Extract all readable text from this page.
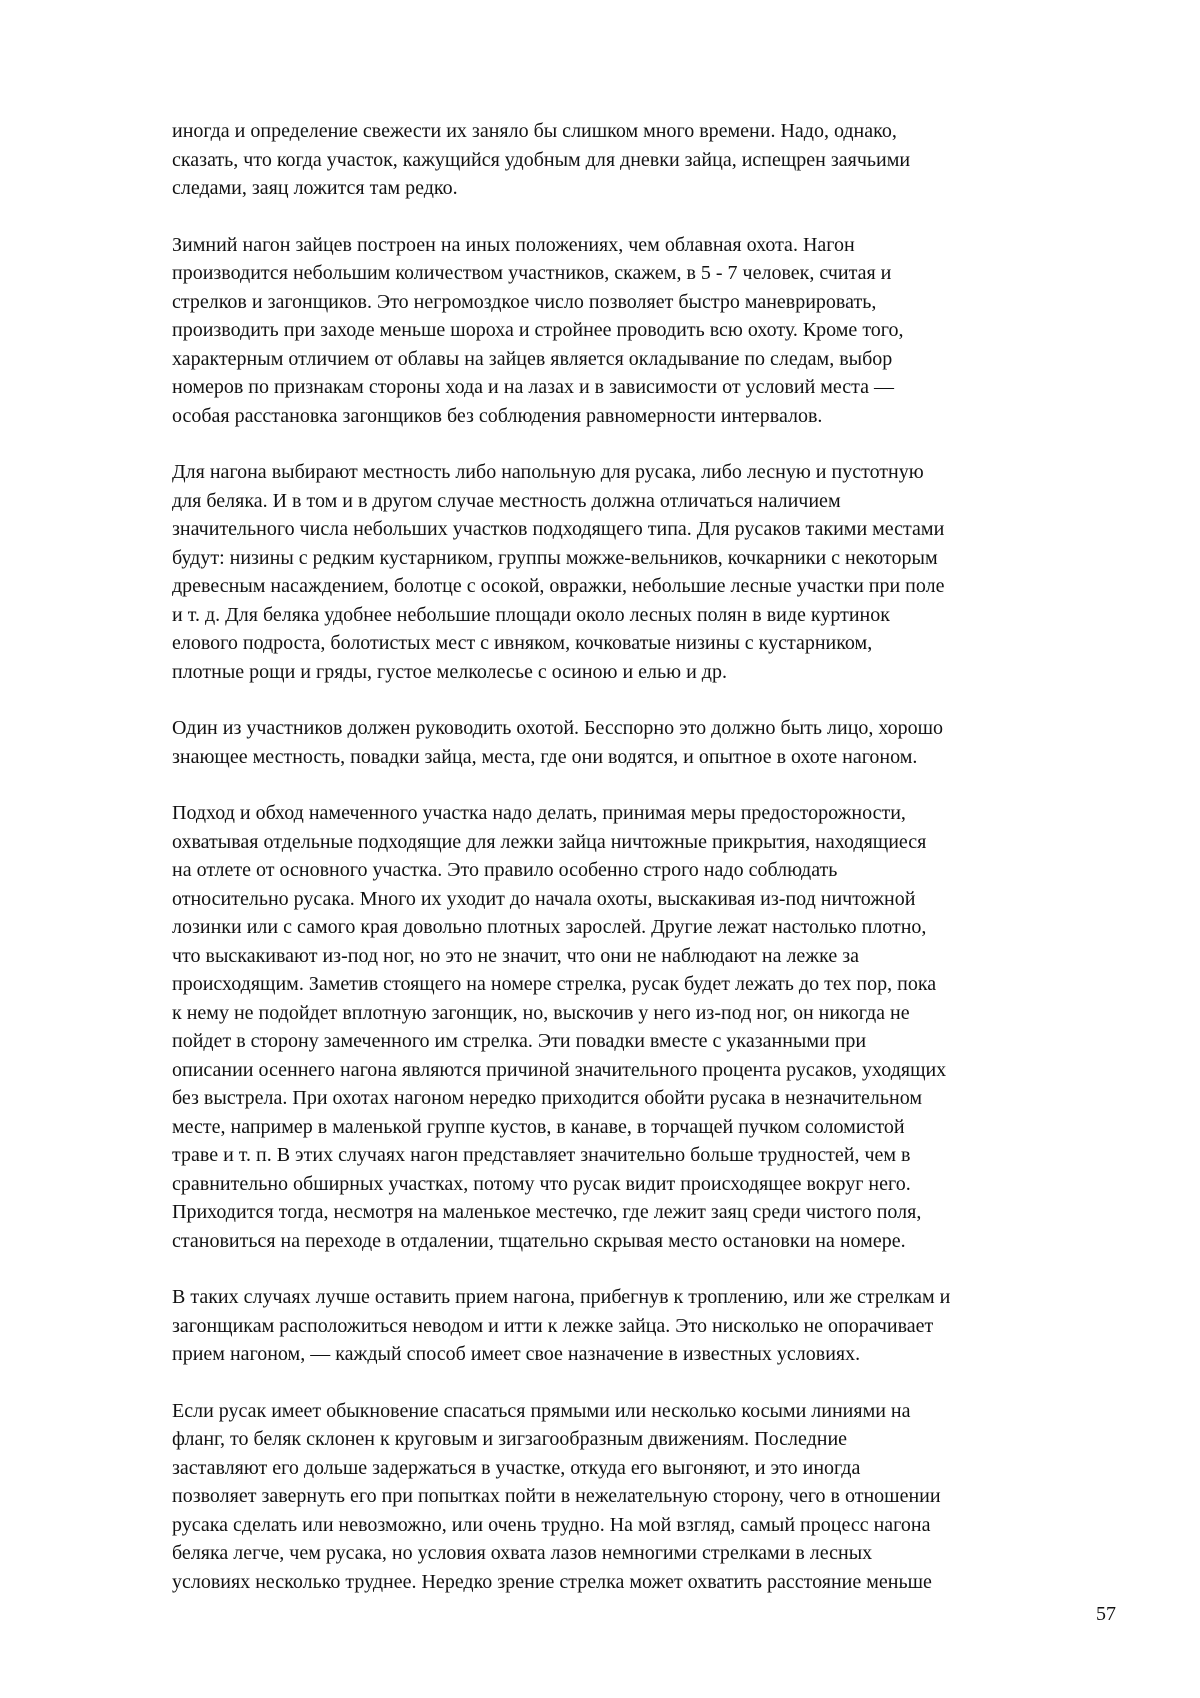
иногда и определение свежести их заняло бы слишком много времени. Надо, однако,
сказать, что когда участок, кажущийся удобным для дневки зайца, испещрен заячьими
следами, заяц ложится там редко.

Зимний нагон зайцев построен на иных положениях, чем облавная охота. Нагон
производится небольшим количеством участников, скажем, в 5 - 7 человек, считая и
стрелков и загонщиков. Это негромоздкое число позволяет быстро маневрировать,
производить при заходе меньше шороха и стройнее проводить всю охоту. Кроме того,
характерным отличием от облавы на зайцев является окладывание по следам, выбор
номеров по признакам стороны хода и на лазах и в зависимости от условий места —
особая расстановка загонщиков без соблюдения равномерности интервалов.

Для нагона выбирают местность либо напольную для русака, либо лесную и пустотную
для беляка. И в том и в другом случае местность должна отличаться наличием
значительного числа небольших участков подходящего типа. Для русаков такими местами
будут: низины с редким кустарником, группы можже-вельников, кочкарники с некоторым
древесным насаждением, болотце с осокой, овражки, небольшие лесные участки при поле
и т. д. Для беляка удобнее небольшие площади около лесных полян в виде куртинок
елового подроста, болотистых мест с ивняком, кочковатые низины с кустарником,
плотные рощи и гряды, густое мелколесье с осиною и елью и др.

Один из участников должен руководить охотой. Бесспорно это должно быть лицо, хорошо
знающее местность, повадки зайца, места, где они водятся, и опытное в охоте нагоном.

Подход и обход намеченного участка надо делать, принимая меры предосторожности,
охватывая отдельные подходящие для лежки зайца ничтожные прикрытия, находящиеся
на отлете от основного участка. Это правило особенно строго надо соблюдать
относительно русака. Много их уходит до начала охоты, выскакивая из-под ничтожной
лозинки или с самого края довольно плотных зарослей. Другие лежат настолько плотно,
что выскакивают из-под ног, но это не значит, что они не наблюдают на лежке за
происходящим. Заметив стоящего на номере стрелка, русак будет лежать до тех пор, пока
к нему не подойдет вплотную загонщик, но, выскочив у него из-под ног, он никогда не
пойдет в сторону замеченного им стрелка. Эти повадки вместе с указанными при
описании осеннего нагона являются причиной значительного процента русаков, уходящих
без выстрела. При охотах нагоном нередко приходится обойти русака в незначительном
месте, например в маленькой группе кустов, в канаве, в торчащей пучком соломистой
траве и т. п. В этих случаях нагон представляет значительно больше трудностей, чем в
сравнительно обширных участках, потому что русак видит происходящее вокруг него.
Приходится тогда, несмотря на маленькое местечко, где лежит заяц среди чистого поля,
становиться на переходе в отдалении, тщательно скрывая место остановки на номере.

В таких случаях лучше оставить прием нагона, прибегнув к троплению, или же стрелкам и
загонщикам расположиться неводом и итти к лежке зайца. Это нисколько не опорачивает
прием нагоном, — каждый способ имеет свое назначение в известных условиях.

Если русак имеет обыкновение спасаться прямыми или несколько косыми линиями на
фланг, то беляк склонен к круговым и зигзагообразным движениям. Последние
заставляют его дольше задержаться в участке, откуда его выгоняют, и это иногда
позволяет завернуть его при попытках пойти в нежелательную сторону, чего в отношении
русака сделать или невозможно, или очень трудно. На мой взгляд, самый процесс нагона
беляка легче, чем русака, но условия охвата лазов немногими стрелками в лесных
условиях несколько труднее. Нередко зрение стрелка может охватить расстояние меньше

57
